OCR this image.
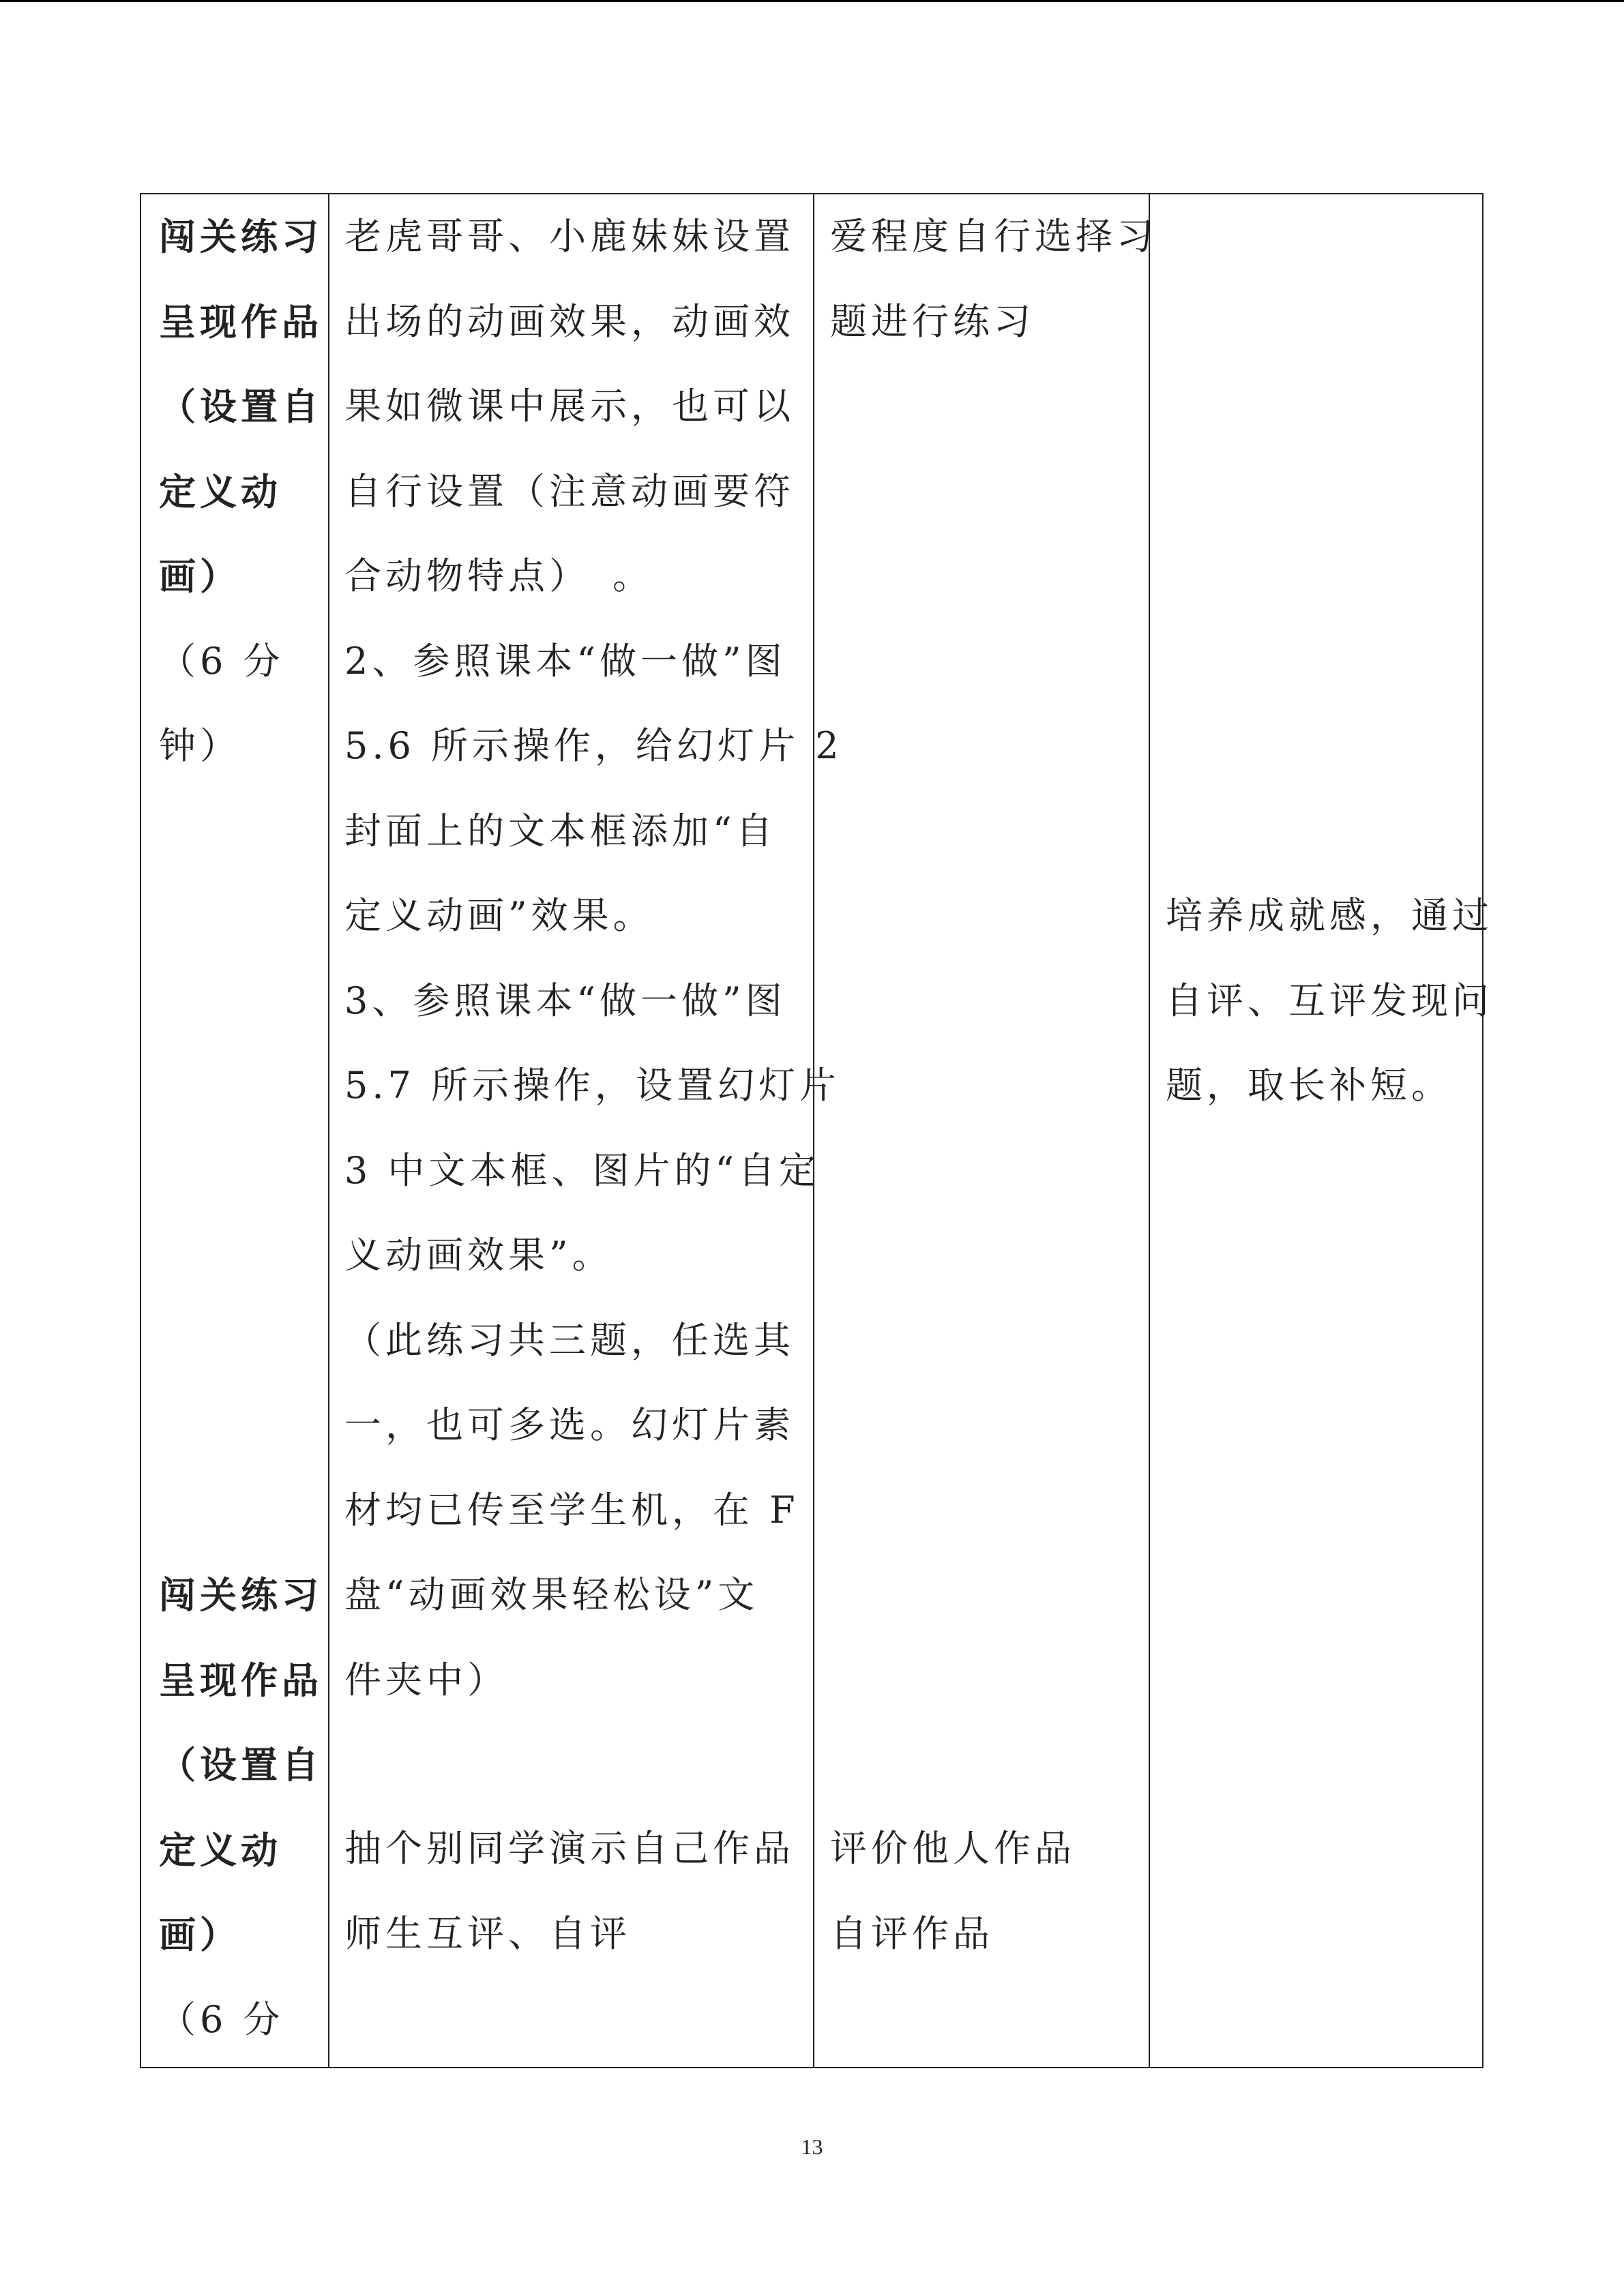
闯关练习
呈现作品
（设置自
定义动
画）
（6 分
钟）
闯关练习
呈现作品
（设置自
定义动
画）
（6 分
老虎哥哥、小鹿妹妹设置
出场的动画效果，动画效
果如微课中展示，也可以
自行设置（注意动画要符
合动物特点）　。
2、参照课本“做一做”图
5.6 所示操作，给幻灯片 2
封面上的文本框添加“自
定义动画”效果。
3、参照课本“做一做”图
5.7 所示操作，设置幻灯片
3 中文本框、图片的“自定
义动画效果”。
（此练习共三题，任选其
一，也可多选。幻灯片素
材均已传至学生机，在 F
盘“动画效果轻松设”文
件夹中）
抽个别同学演示自己作品
师生互评、自评
爱程度自行选择习
题进行练习
评价他人作品
自评作品
培养成就感，通过
自评、互评发现问
题，取长补短。
13
